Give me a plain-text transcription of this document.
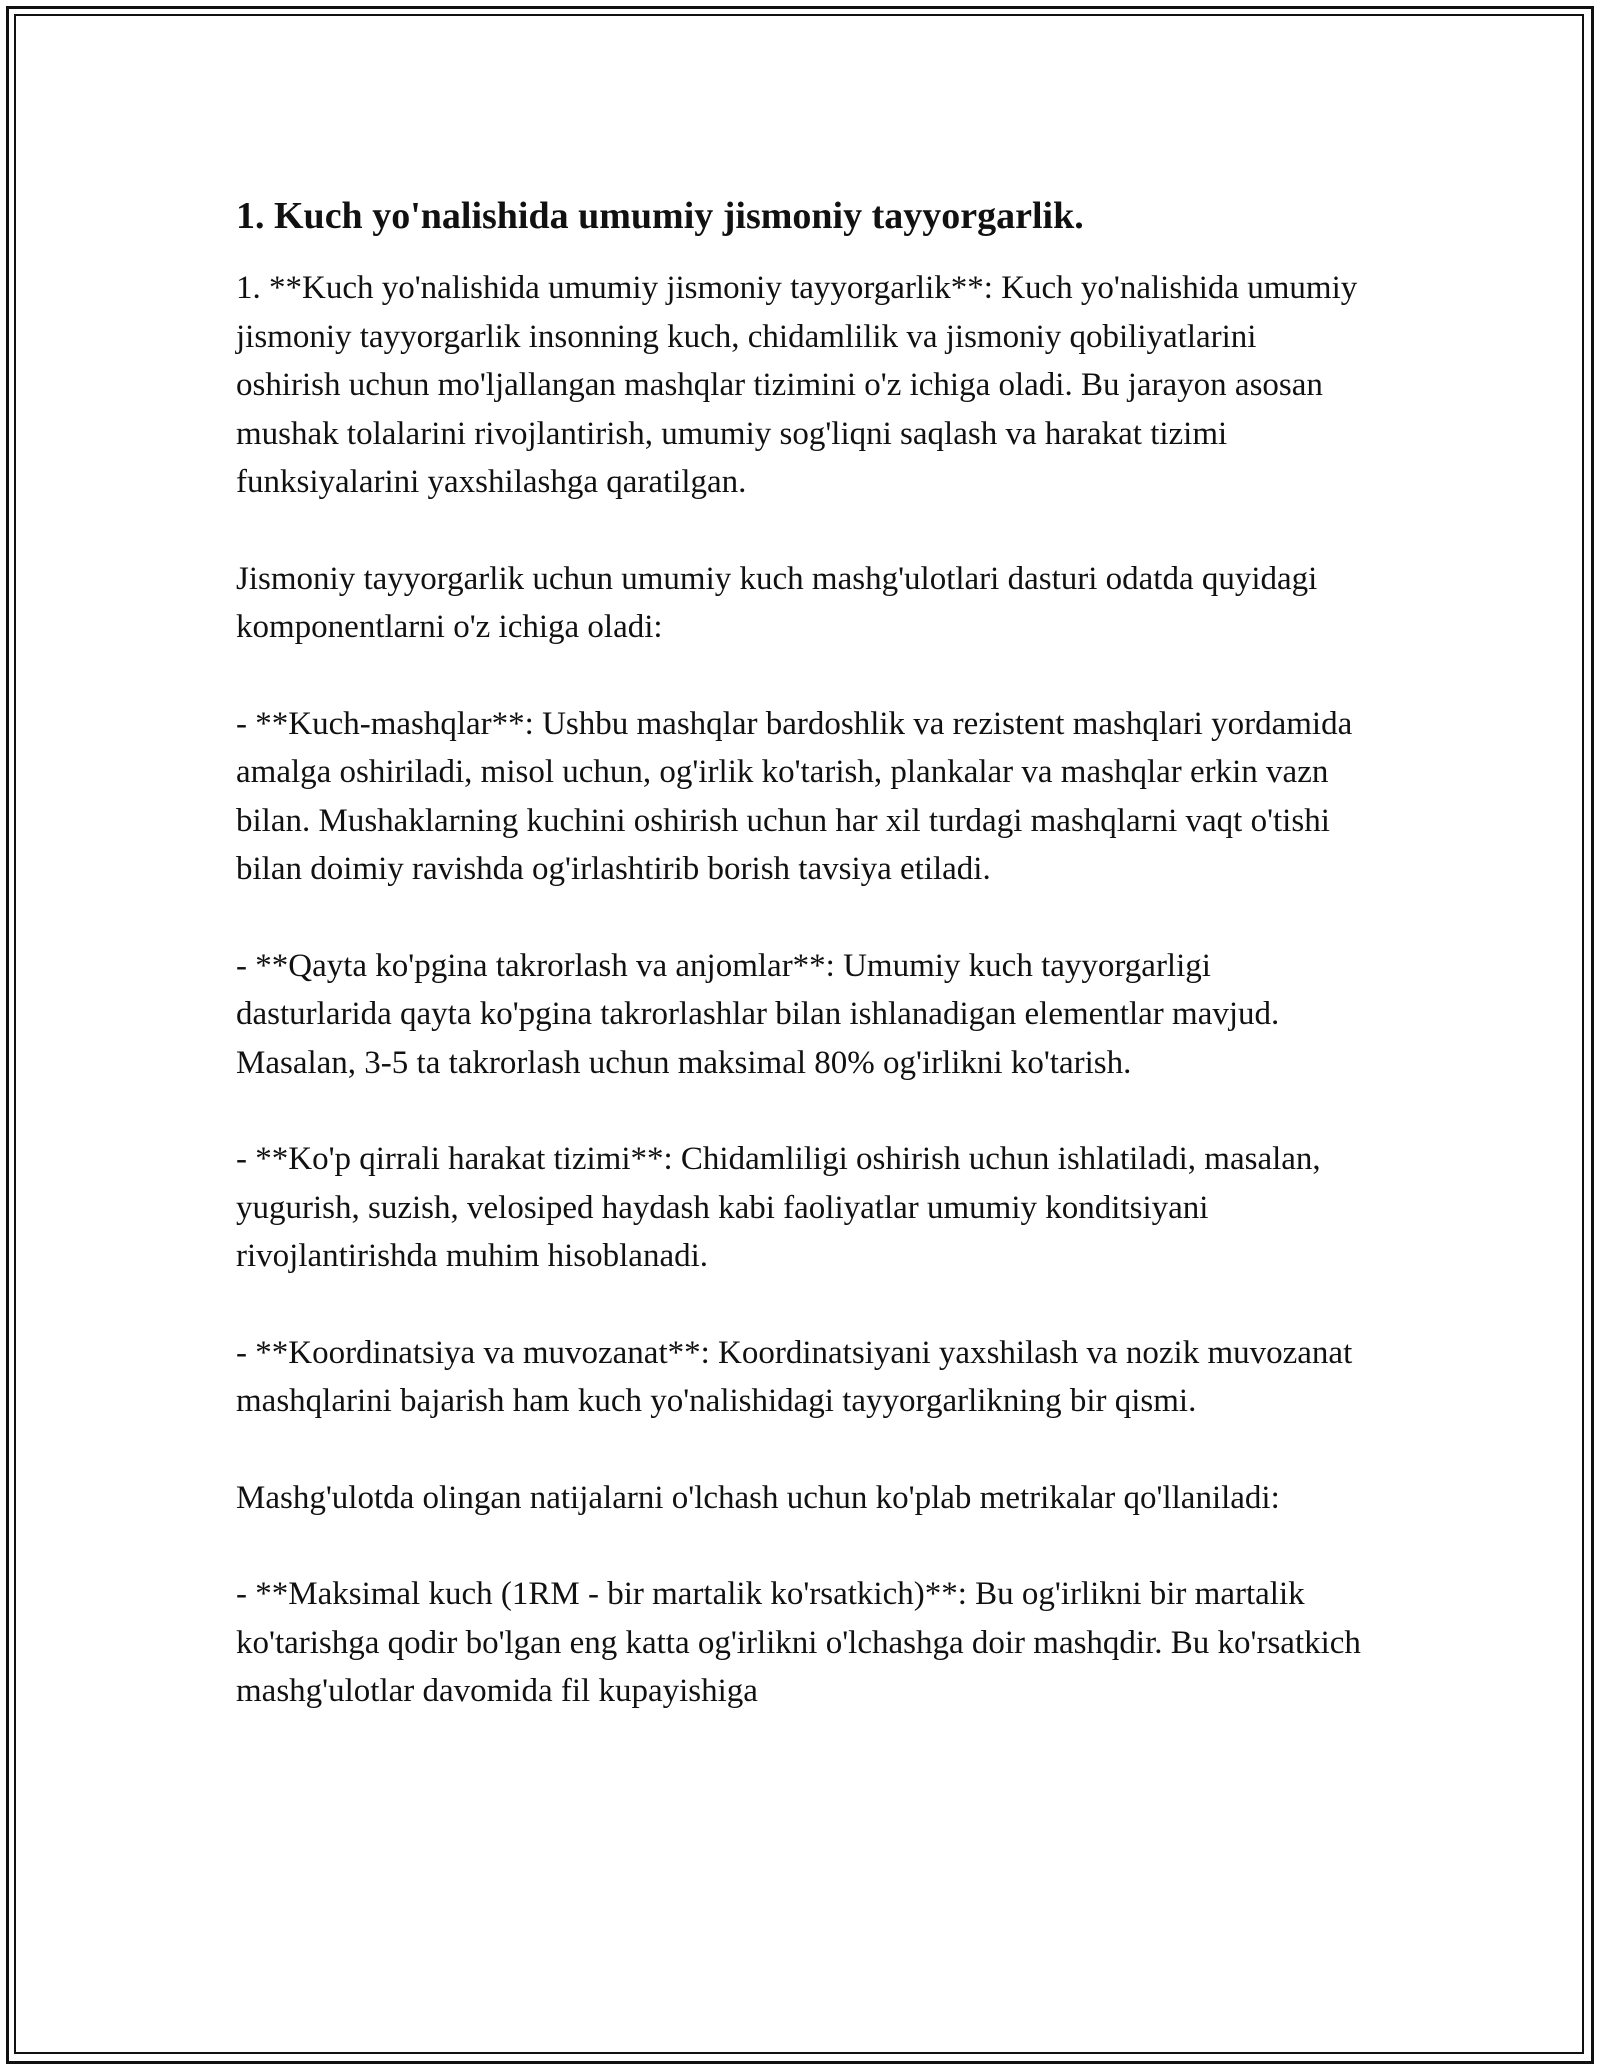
1. Kuch yo'nalishida umumiy jismoniy tayyorgarlik.

1. **Kuch yo'nalishida umumiy jismoniy tayyorgarlik**: Kuch yo'nalishida umumiy jismoniy tayyorgarlik insonning kuch, chidamlilik va jismoniy qobiliyatlarini oshirish uchun mo'ljallangan mashqlar tizimini o'z ichiga oladi. Bu jarayon asosan mushak tolalarini rivojlantirish, umumiy sog'liqni saqlash va harakat tizimi funksiyalarini yaxshilashga qaratilgan.

Jismoniy tayyorgarlik uchun umumiy kuch mashg'ulotlari dasturi odatda quyidagi komponentlarni o'z ichiga oladi:

- **Kuch-mashqlar**: Ushbu mashqlar bardoshlik va rezistent mashqlari yordamida amalga oshiriladi, misol uchun, og'irlik ko'tarish, plankalar va mashqlar erkin vazn bilan. Mushaklarning kuchini oshirish uchun har xil turdagi mashqlarni vaqt o'tishi bilan doimiy ravishda og'irlashtirib borish tavsiya etiladi.

- **Qayta ko'pgina takrorlash va anjomlar**: Umumiy kuch tayyorgarligi dasturlarida qayta ko'pgina takrorlashlar bilan ishlanadigan elementlar mavjud. Masalan, 3-5 ta takrorlash uchun maksimal 80% og'irlikni ko'tarish.

- **Ko'p qirrali harakat tizimi**: Chidamliligi oshirish uchun ishlatiladi, masalan, yugurish, suzish, velosiped haydash kabi faoliyatlar umumiy konditsiyani rivojlantirishda muhim hisoblanadi.

- **Koordinatsiya va muvozanat**: Koordinatsiyani yaxshilash va nozik muvozanat mashqlarini bajarish ham kuch yo'nalishidagi tayyorgarlikning bir qismi.

Mashg'ulotda olingan natijalarni o'lchash uchun ko'plab metrikalar qo'llaniladi:

- **Maksimal kuch (1RM - bir martalik ko'rsatkich)**: Bu og'irlikni bir martalik ko'tarishga qodir bo'lgan eng katta og'irlikni o'lchashga doir mashqdir. Bu ko'rsatkich mashg'ulotlar davomida fil kupayishiga
